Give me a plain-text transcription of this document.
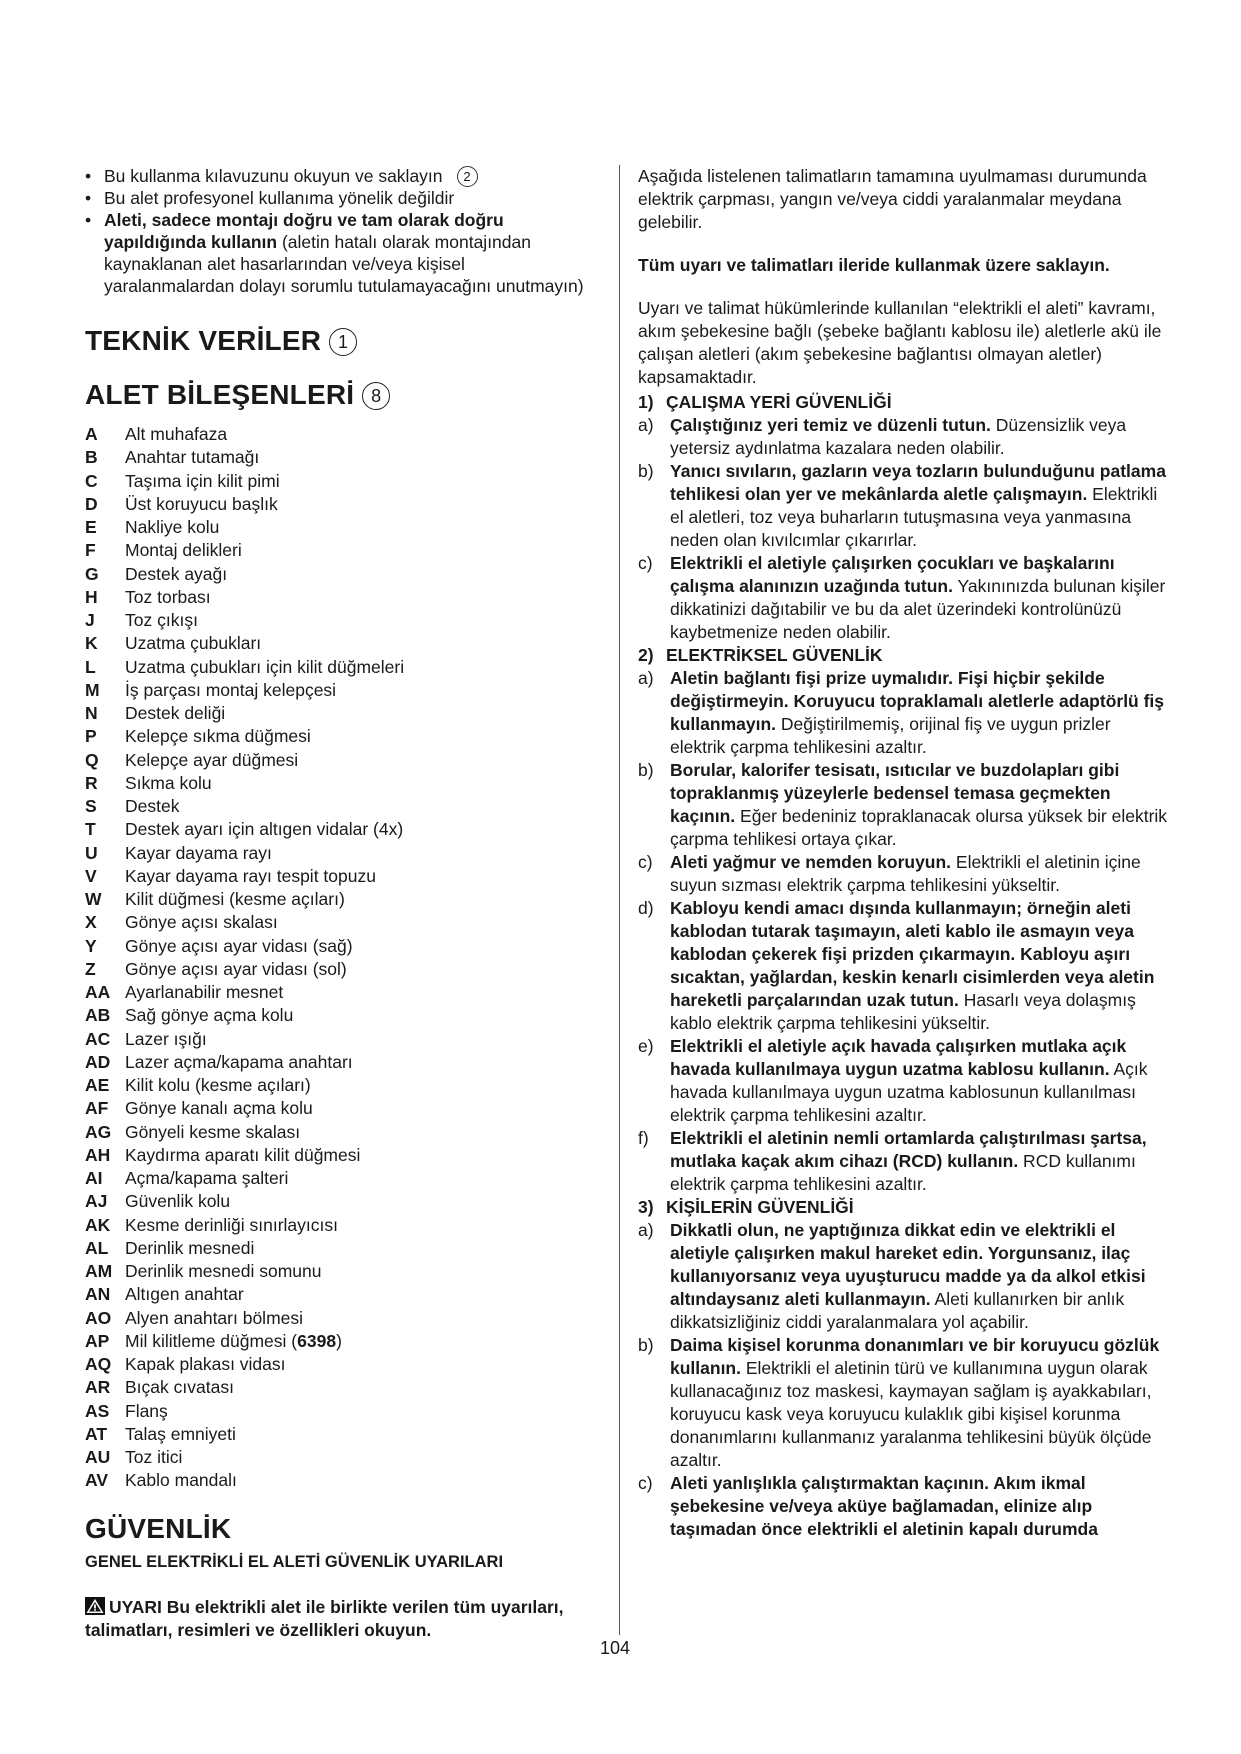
• Bu kullanma kılavuzunu okuyun ve saklayın 2
• Bu alet profesyonel kullanıma yönelik değildir
• Aleti, sadece montajı doğru ve tam olarak doğru yapıldığında kullanın (aletin hatalı olarak montajından kaynaklanan alet hasarlarından ve/veya kişisel yaralanmalardan dolayı sorumlu tutulamayacağını unutmayın)
TEKNİK VERİLER 1
ALET BİLEŞENLERİ 8
A	Alt muhafaza
B	Anahtar tutamağı
C	Taşıma için kilit pimi
D	Üst koruyucu başlık
E	Nakliye kolu
F	Montaj delikleri
G	Destek ayağı
H	Toz torbası
J	Toz çıkışı
K	Uzatma çubukları
L	Uzatma çubukları için kilit düğmeleri
M	İş parçası montaj kelepçesi
N	Destek deliği
P	Kelepçe sıkma düğmesi
Q	Kelepçe ayar düğmesi
R	Sıkma kolu
S	Destek
T	Destek ayarı için altıgen vidalar (4x)
U	Kayar dayama rayı
V	Kayar dayama rayı tespit topuzu
W	Kilit düğmesi (kesme açıları)
X	Gönye açısı skalası
Y	Gönye açısı ayar vidası (sağ)
Z	Gönye açısı ayar vidası (sol)
AA Ayarlanabilir mesnet
AB Sağ gönye açma kolu
AC Lazer ışığı
AD Lazer açma/kapama anahtarı
AE Kilit kolu (kesme açıları)
AF Gönye kanalı açma kolu
AG Gönyeli kesme skalası
AH Kaydırma aparatı kilit düğmesi
AI	Açma/kapama şalteri
AJ	Güvenlik kolu
AK Kesme derinliği sınırlayıcısı
AL Derinlik mesnedi
AM Derinlik mesnedi somunu
AN Altıgen anahtar
AO Alyen anahtarı bölmesi
AP Mil kilitleme düğmesi (6398)
AQ Kapak plakası vidası
AR Bıçak cıvatası
AS Flanş
AT	Talaş emniyeti
AU Toz itici
AV Kablo mandalı
GÜVENLİK
GENEL ELEKTRİKLİ EL ALETİ GÜVENLİK UYARILARI
UYARI Bu elektrikli alet ile birlikte verilen tüm uyarıları, talimatları, resimleri ve özellikleri okuyun.

Aşağıda listelenen talimatların tamamına uyulmaması durumunda elektrik çarpması, yangın ve/veya ciddi yaralanmalar meydana gelebilir.

Tüm uyarı ve talimatları ileride kullanmak üzere saklayın.

Uyarı ve talimat hükümlerinde kullanılan “elektrikli el aleti” kavramı, akım şebekesine bağlı (şebeke bağlantı kablosu ile) aletlerle akü ile çalışan aletleri (akım şebekesine bağlantısı olmayan aletler) kapsamaktadır.

1) ÇALIŞMA YERİ GÜVENLİĞİ
a) Çalıştığınız yeri temiz ve düzenli tutun. Düzensizlik veya yetersiz aydınlatma kazalara neden olabilir.
b) Yanıcı sıvıların, gazların veya tozların bulunduğunu patlama tehlikesi olan yer ve mekânlarda aletle çalışmayın. Elektrikli el aletleri, toz veya buharların tutuşmasına veya yanmasına neden olan kıvılcımlar çıkarırlar.
c) Elektrikli el aletiyle çalışırken çocukları ve başkalarını çalışma alanınızın uzağında tutun. Yakınınızda bulunan kişiler dikkatinizi dağıtabilir ve bu da alet üzerindeki kontrolünüzü kaybetmenize neden olabilir.
2) ELEKTRİKSEL GÜVENLİK
a) Aletin bağlantı fişi prize uymalıdır. Fişi hiçbir şekilde değiştirmeyin. Koruyucu topraklamalı aletlerle adaptörlü fiş kullanmayın. Değiştirilmemiş, orijinal fiş ve uygun prizler elektrik çarpma tehlikesini azaltır.
b) Borular, kalorifer tesisatı, ısıtıcılar ve buzdolapları gibi topraklanmış yüzeylerle bedensel temasa geçmekten kaçının. Eğer bedeniniz topraklanacak olursa yüksek bir elektrik çarpma tehlikesi ortaya çıkar.
c) Aleti yağmur ve nemden koruyun. Elektrikli el aletinin içine suyun sızması elektrik çarpma tehlikesini yükseltir.
d) Kabloyu kendi amacı dışında kullanmayın; örneğin aleti kablodan tutarak taşımayın, aleti kablo ile asmayın veya kablodan çekerek fişi prizden çıkarmayın. Kabloyu aşırı sıcaktan, yağlardan, keskin kenarlı cisimlerden veya aletin hareketli parçalarından uzak tutun. Hasarlı veya dolaşmış kablo elektrik çarpma tehlikesini yükseltir.
e) Elektrikli el aletiyle açık havada çalışırken mutlaka açık havada kullanılmaya uygun uzatma kablosu kullanın. Açık havada kullanılmaya uygun uzatma kablosunun kullanılması elektrik çarpma tehlikesini azaltır.
f)	Elektrikli el aletinin nemli ortamlarda çalıştırılması şartsa, mutlaka kaçak akım cihazı (RCD) kullanın. RCD kullanımı elektrik çarpma tehlikesini azaltır.
3) KİŞİLERİN GÜVENLİĞİ
a) Dikkatli olun, ne yaptığınıza dikkat edin ve elektrikli el aletiyle çalışırken makul hareket edin. Yorgunsanız, ilaç kullanıyorsanız veya uyuşturucu madde ya da alkol etkisi altındaysanız aleti kullanmayın. Aleti kullanırken bir anlık dikkatsizliğiniz ciddi yaralanmalara yol açabilir.
b) Daima kişisel korunma donanımları ve bir koruyucu gözlük kullanın. Elektrikli el aletinin türü ve kullanımına uygun olarak kullanacağınız toz maskesi, kaymayan sağlam iş ayakkabıları, koruyucu kask veya koruyucu kulaklık gibi kişisel korunma donanımlarını kullanmanız yaralanma tehlikesini büyük ölçüde azaltır.
c) Aleti yanlışlıkla çalıştırmaktan kaçının. Akım ikmal şebekesine ve/veya aküye bağlamadan, elinize alıp taşımadan önce elektrikli el aletinin kapalı durumda
104
